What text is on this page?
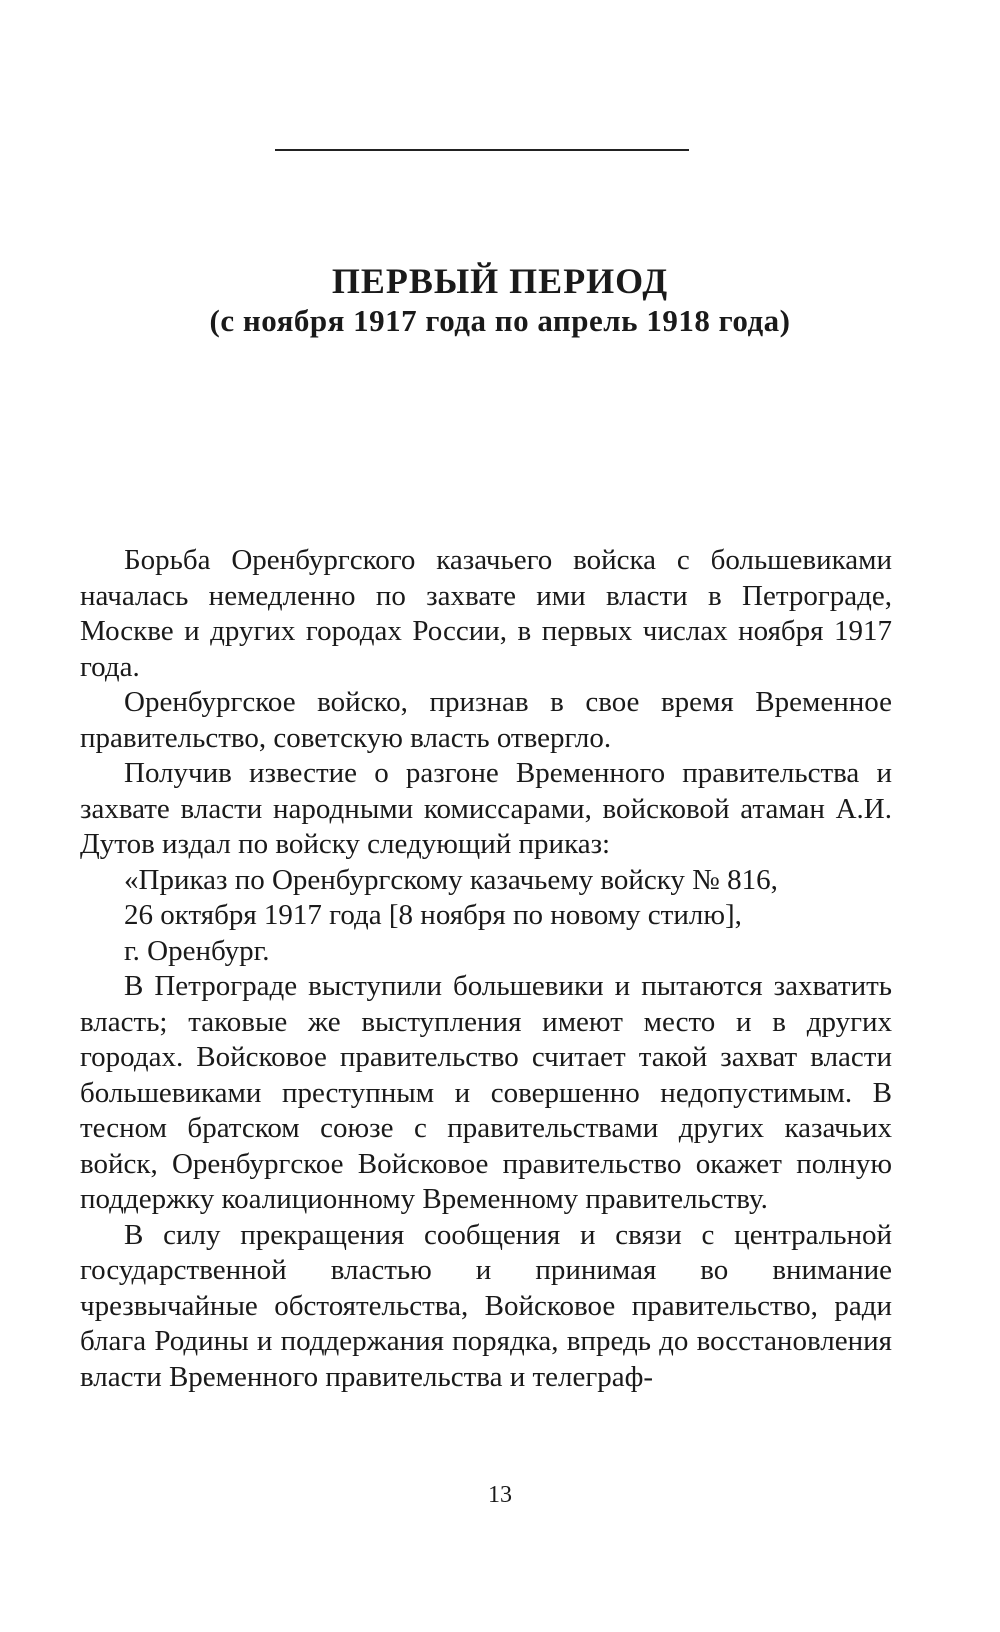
ПЕРВЫЙ ПЕРИОД
(с ноября 1917 года по апрель 1918 года)

Борьба Оренбургского казачьего войска с большевиками началась немедленно по захвате ими власти в Петрограде, Москве и других городах России, в первых числах ноября 1917 года.

Оренбургское войско, признав в свое время Временное правительство, советскую власть отвергло.

Получив известие о разгоне Временного правительства и захвате власти народными комиссарами, войсковой атаман А.И. Дутов издал по войску следующий приказ:

«Приказ по Оренбургскому казачьему войску № 816,

26 октября 1917 года [8 ноября по новому стилю],

г. Оренбург.

В Петрограде выступили большевики и пытаются захватить власть; таковые же выступления имеют место и в других городах. Войсковое правительство считает такой захват власти большевиками преступным и совершенно недопустимым. В тесном братском союзе с правительствами других казачьих войск, Оренбургское Войсковое правительство окажет полную поддержку коалиционному Временному правительству.

В силу прекращения сообщения и связи с центральной государственной властью и принимая во внимание чрезвычайные обстоятельства, Войсковое правительство, ради блага Родины и поддержания порядка, впредь до восстановления власти Временного правительства и телеграф-

13
